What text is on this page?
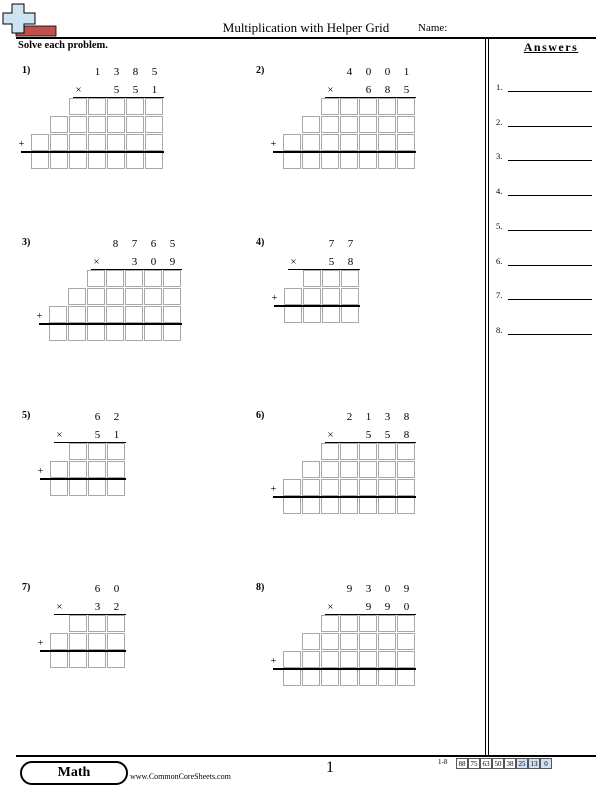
Multiplication with Helper Grid	Name:
Solve each problem.	Answers
1.
2.
3.
4.
5.
6.
7.
8.
1)	1	3	8	5
5	5	1
×
+
2)	4	0	0	1
6	8	5
×
+
3)	8	7	6	5
3	0	9
×
+
4)	7	7
5	8
×
+
5)	6	2
5	1
×
+
6)	2	1	3	8
5	5	8
×
+
7)	6	0
3	2
×
+
8)	9	3	0	9
9	9	0
×
+
Math	www.CommonCoreSheets.com
1	1-8	88 75 63 50 38 25 13 0
